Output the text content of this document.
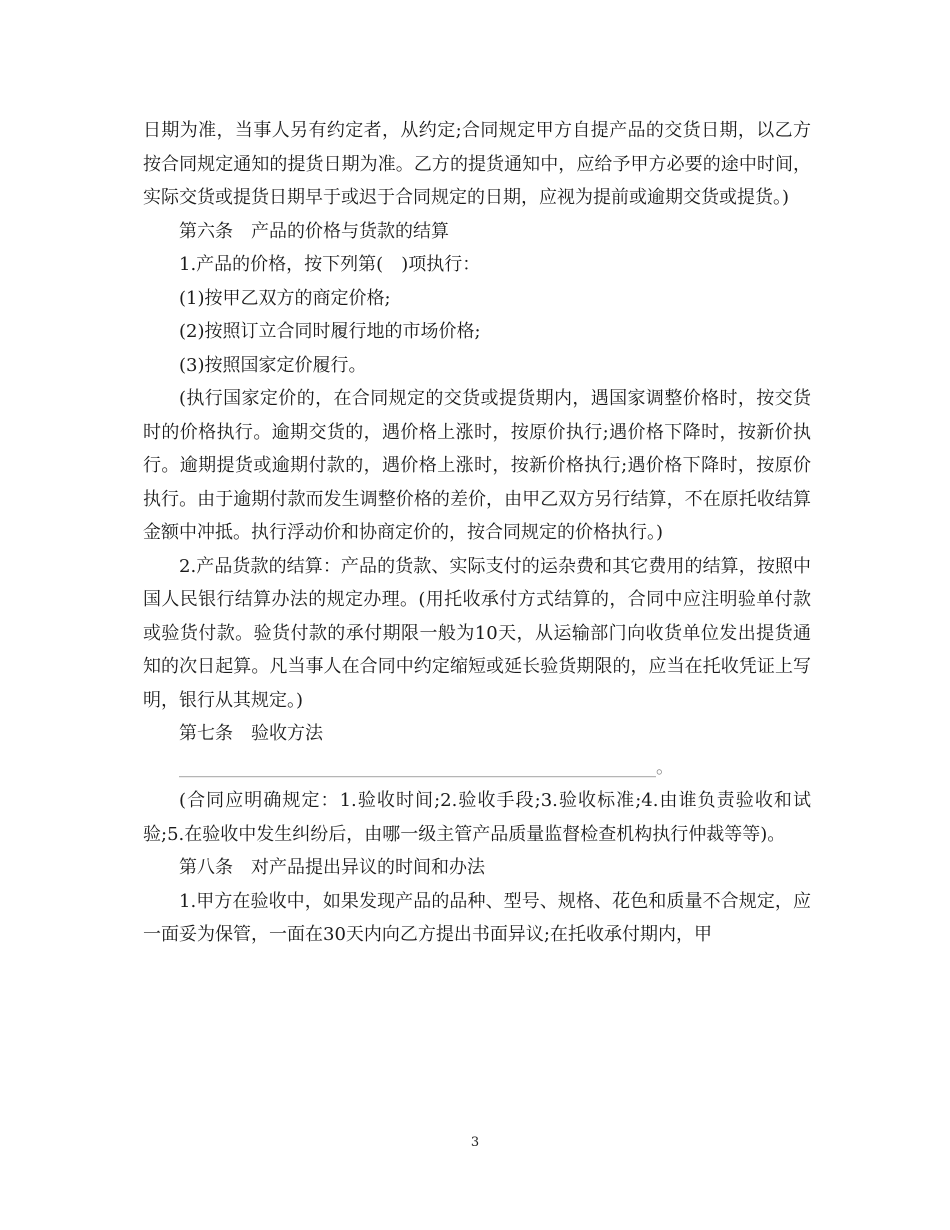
日期为准，当事人另有约定者，从约定;合同规定甲方自提产品的交货日期，以乙方按合同规定通知的提货日期为准。乙方的提货通知中，应给予甲方必要的途中时间，实际交货或提货日期早于或迟于合同规定的日期，应视为提前或逾期交货或提货。)

第六条　产品的价格与货款的结算

1.产品的价格，按下列第(　)项执行：

(1)按甲乙双方的商定价格;

(2)按照订立合同时履行地的市场价格;

(3)按照国家定价履行。

(执行国家定价的，在合同规定的交货或提货期内，遇国家调整价格时，按交货时的价格执行。逾期交货的，遇价格上涨时，按原价执行;遇价格下降时，按新价执行。逾期提货或逾期付款的，遇价格上涨时，按新价格执行;遇价格下降时，按原价执行。由于逾期付款而发生调整价格的差价，由甲乙双方另行结算，不在原托收结算金额中冲抵。执行浮动价和协商定价的，按合同规定的价格执行。)

2.产品货款的结算：产品的货款、实际支付的运杂费和其它费用的结算，按照中国人民银行结算办法的规定办理。(用托收承付方式结算的，合同中应注明验单付款或验货付款。验货付款的承付期限一般为10天，从运输部门向收货单位发出提货通知的次日起算。凡当事人在合同中约定缩短或延长验货期限的，应当在托收凭证上写明，银行从其规定。)

第七条　验收方法

_____________________________________________________。

(合同应明确规定：1.验收时间;2.验收手段;3.验收标准;4.由谁负责验收和试验;5.在验收中发生纠纷后，由哪一级主管产品质量监督检查机构执行仲裁等等)。

第八条　对产品提出异议的时间和办法

1.甲方在验收中，如果发现产品的品种、型号、规格、花色和质量不合规定，应一面妥为保管，一面在30天内向乙方提出书面异议;在托收承付期内，甲

3
